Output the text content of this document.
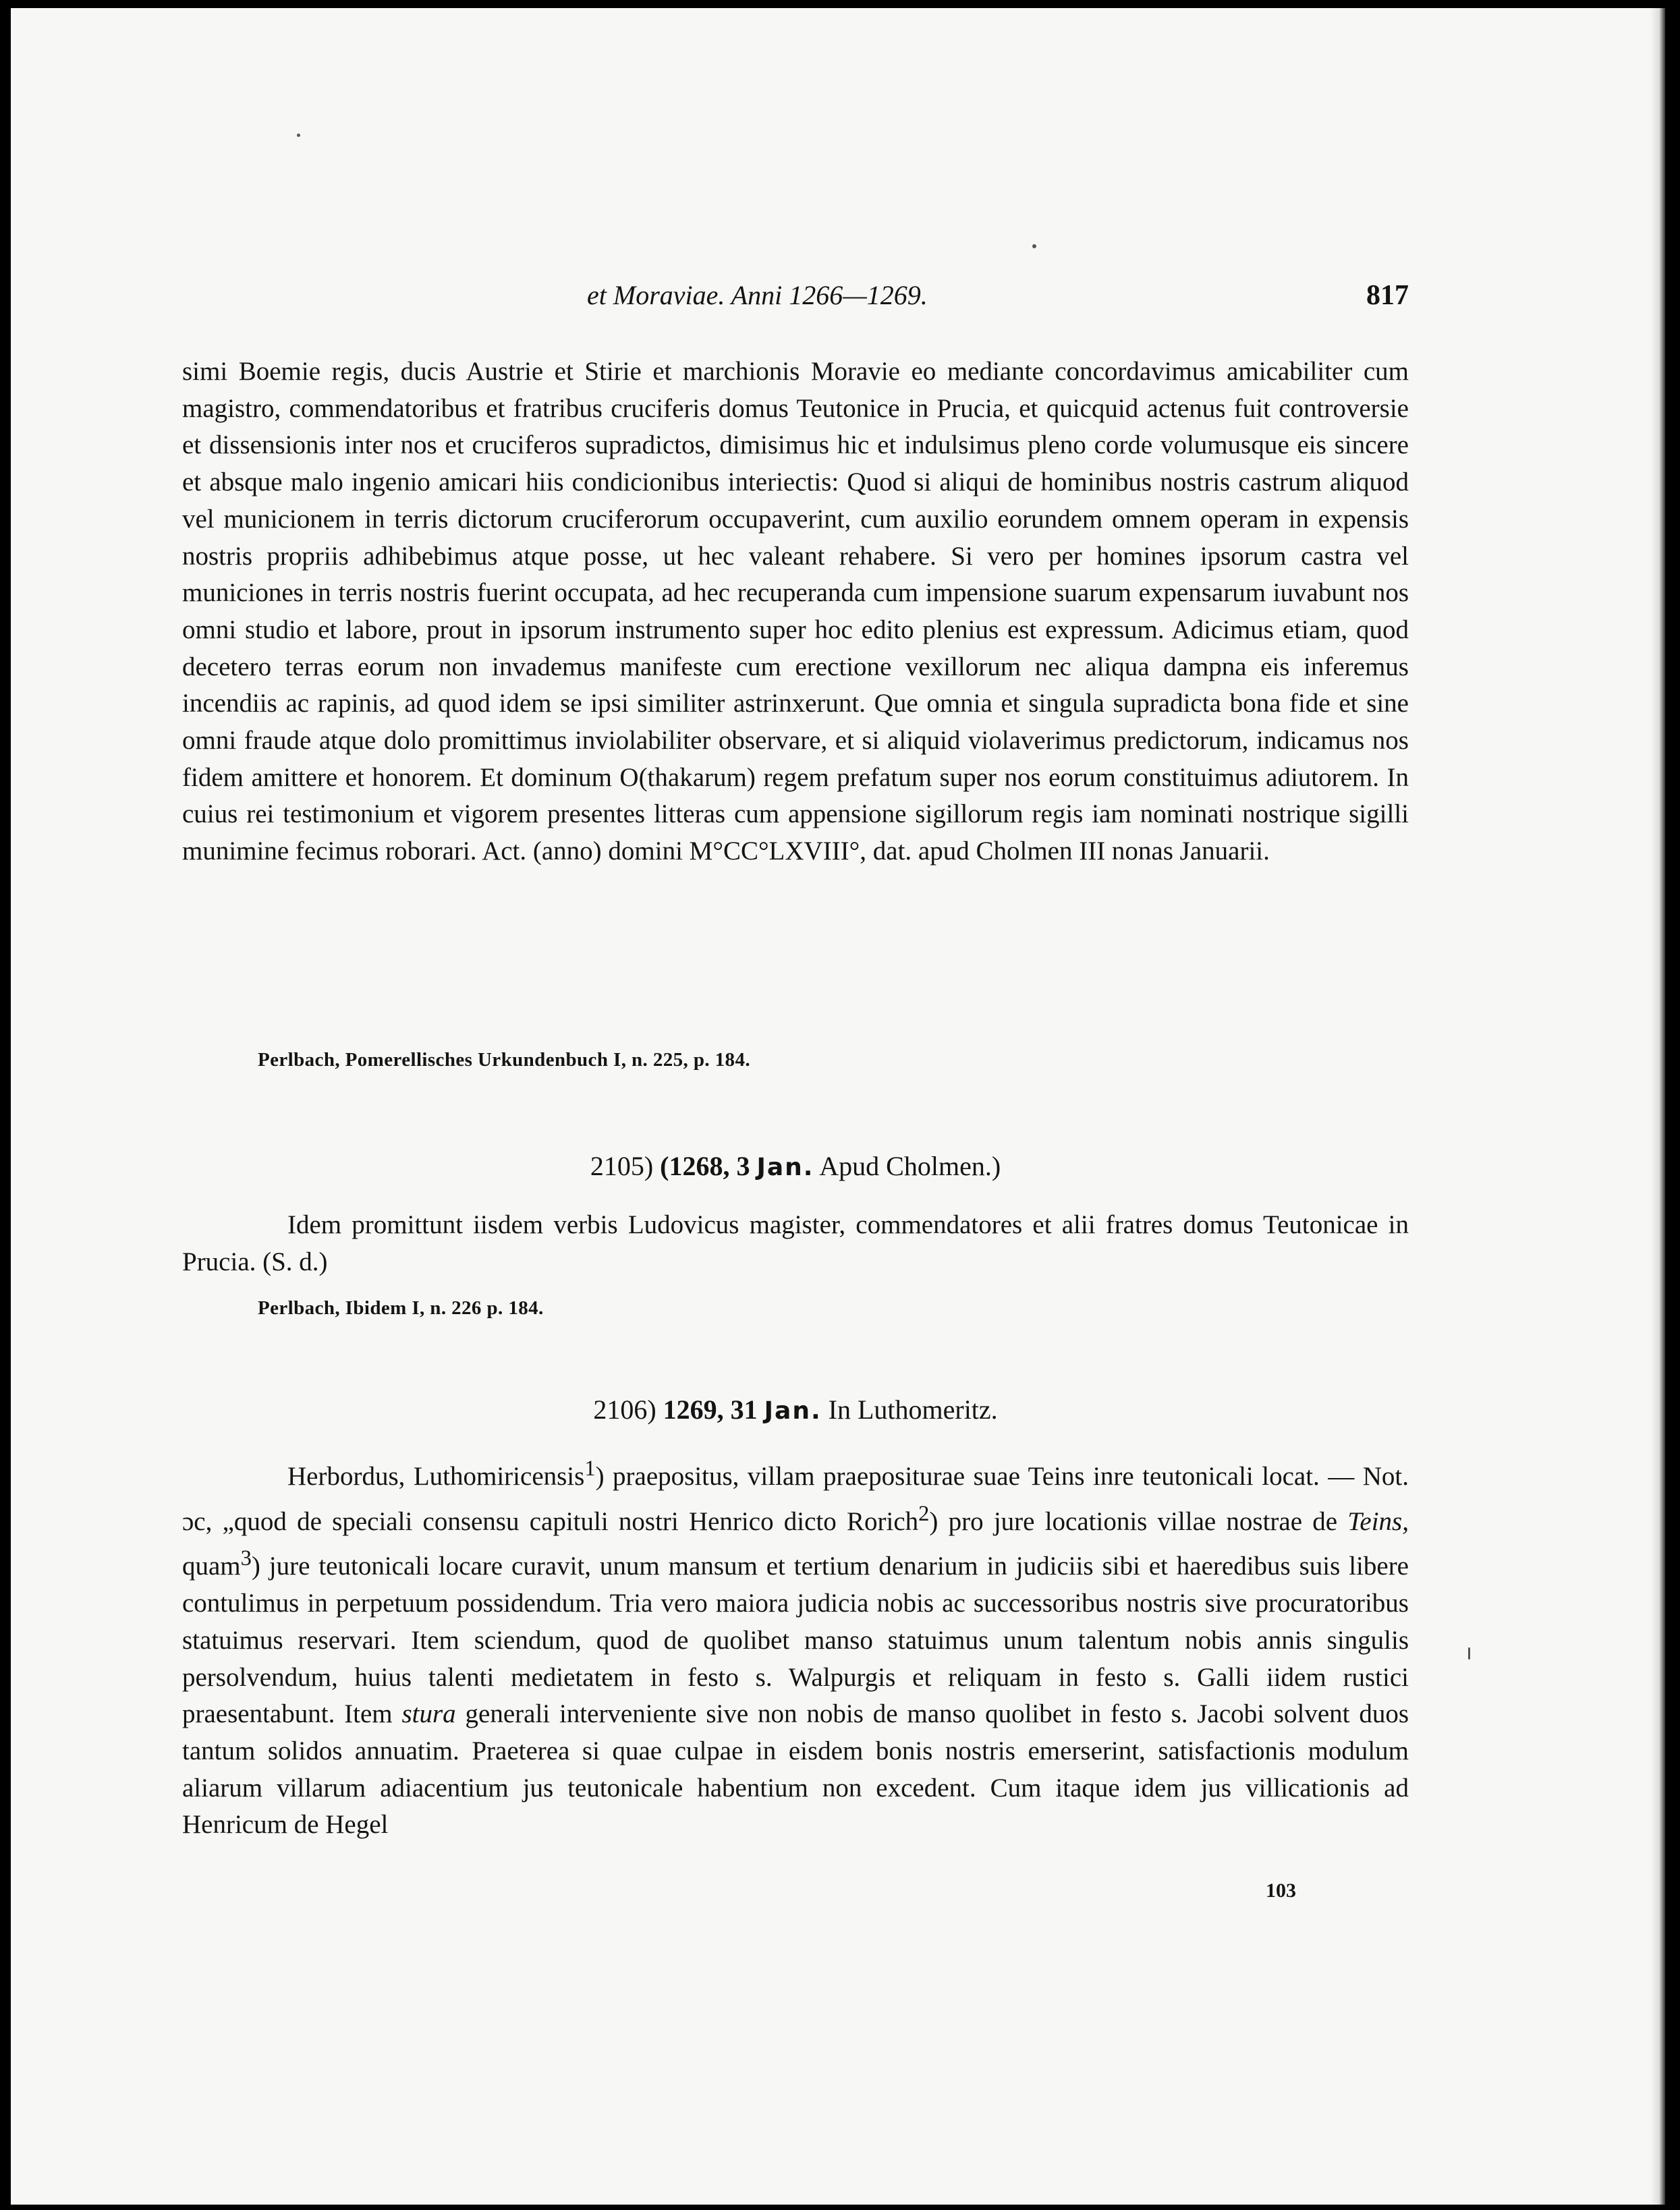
et Moraviae. Anni 1266—1269.	817

simi Boemie regis, ducis Austrie et Stirie et marchionis Moravie eo mediante concordavimus amicabiliter cum magistro, commendatoribus et fratribus cruciferis domus Teutonice in Prucia, et quicquid actenus fuit controversie et dissensionis inter nos et cruciferos supradictos, dimisimus hic et indulsimus pleno corde volumusque eis sincere et absque malo ingenio amicari hiis condicionibus interiectis: Quod si aliqui de hominibus nostris castrum aliquod vel municionem in terris dictorum cruciferorum occupaverint, cum auxilio eorundem omnem operam in expensis nostris propriis adhibebimus atque posse, ut hec valeant rehabere. Si vero per homines ipsorum castra vel municiones in terris nostris fuerint occupata, ad hec recuperanda cum impensione suarum expensarum iuvabunt nos omni studio et labore, prout in ipsorum instrumento super hoc edito plenius est expressum. Adicimus etiam, quod decetero terras eorum non invademus manifeste cum erectione vexillorum nec aliqua dampna eis inferemus incendiis ac rapinis, ad quod idem se ipsi similiter astrinxerunt. Que omnia et singula supradicta bona fide et sine omni fraude atque dolo promittimus inviolabiliter observare, et si aliquid violaverimus predictorum, indicamus nos fidem amittere et honorem. Et dominum O(thakarum) regem prefatum super nos eorum constituimus adiutorem. In cuius rei testimonium et vigorem presentes litteras cum appensione sigillorum regis iam nominati nostrique sigilli munimine fecimus roborari. Act. (anno) domini M°CC°LXVIII°, dat. apud Cholmen III nonas Januarii.

Perlbach, Pomerellisches Urkundenbuch I, n. 225, p. 184.

2105) (1268, 3 Jan. Apud Cholmen.)

Idem promittunt iisdem verbis Ludovicus magister, commendatores et alii fratres domus Teutonicae in Prucia. (S. d.)

Perlbach, Ibidem I, n. 226 p. 184.

2106) 1269, 31 Jan. In Luthomeritz.

Herbordus, Luthomiricensis$^1$) praepositus, villam praepositurae suae Teins inre teutonicali locat. — Not. ɔc, „quod de speciali consensu capituli nostri Henrico dicto Rorich$^2$) pro jure locationis villae nostrae de Teins, quam$^3$) jure teutonicali locare curavit, unum mansum et tertium denarium in judiciis sibi et haeredibus suis libere contulimus in perpetuum possidendum. Tria vero maiora judicia nobis ac successoribus nostris sive procuratoribus statuimus reservari. Item sciendum, quod de quolibet manso statuimus unum talentum nobis annis singulis persolvendum, huius talenti medietatem in festo s. Walpurgis et reliquam in festo s. Galli iidem rustici praesentabunt. Item stura generali interveniente sive non nobis de manso quolibet in festo s. Jacobi solvent duos tantum solidos annuatim. Praeterea si quae culpae in eisdem bonis nostris emerserint, satisfactionis modulum aliarum villarum adiacentium jus teutonicale habentium non excedent. Cum itaque idem jus villicationis ad Henricum de Hegel

103
